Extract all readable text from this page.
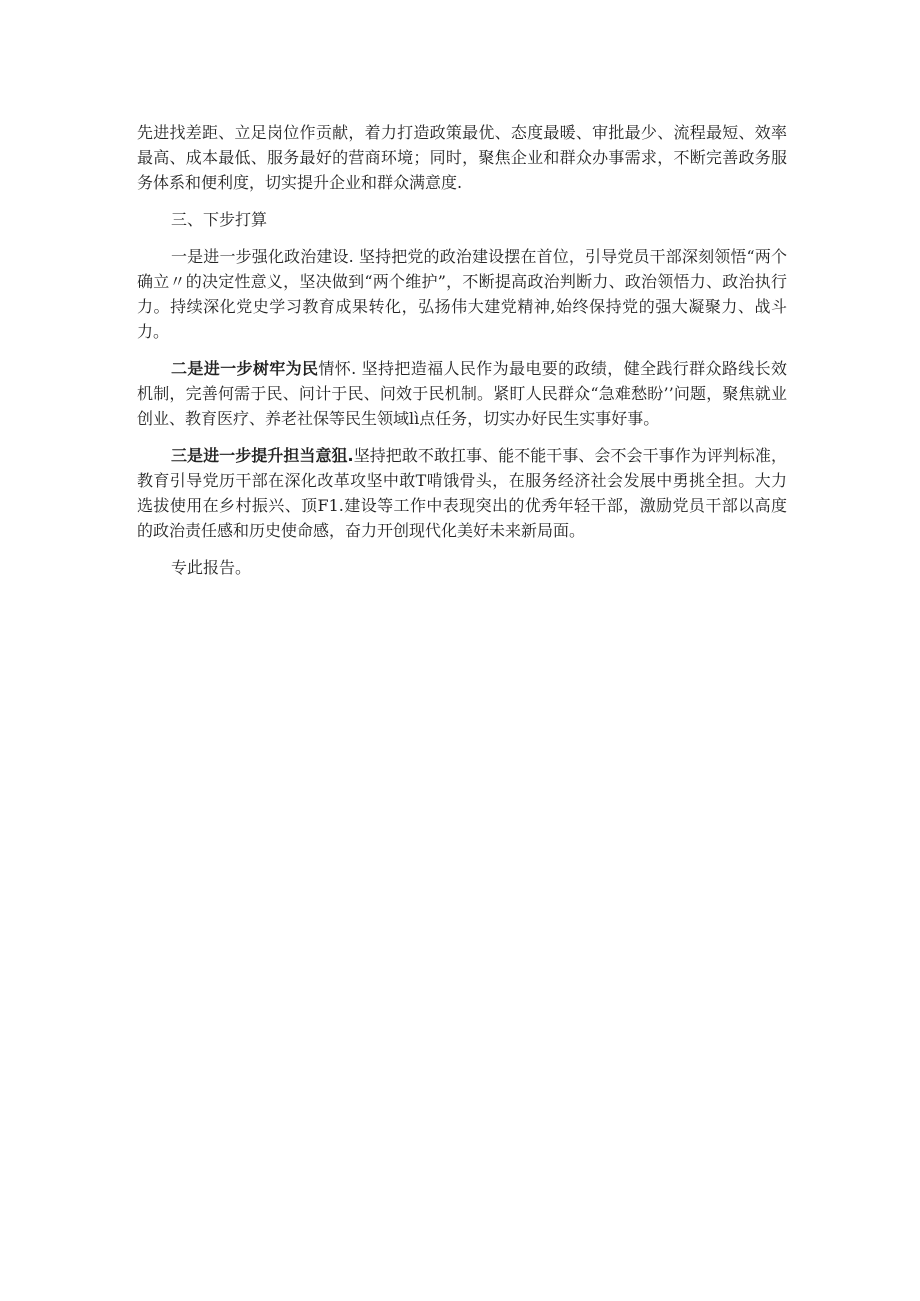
先进找差距、立足岗位作贡献，着力打造政策最优、态度最暖、审批最少、流程最短、效率最高、成本最低、服务最好的营商环境；同时，聚焦企业和群众办事需求，不断完善政务服务体系和便利度，切实提升企业和群众满意度.

三、下步打算

一是进一步强化政治建设. 坚持把党的政治建设摆在首位，引导党员干部深刻领悟“两个确立〃的决定性意义，坚决做到“两个维护”，不断提高政治判断力、政治领悟力、政治执行力。持续深化党史学习教育成果转化，弘扬伟大建党精神,始终保持党的强大凝聚力、战斗力。

二是进一步树牢为民情怀. 坚持把造福人民作为最电要的政绩，健全践行群众路线长效机制，完善何需于民、问计于民、问效于民机制。紧盯人民群众“急难愁盼’’问题，聚焦就业创业、教育医疗、养老社保等民生领域lì点任务，切实办好民生实事好事。

三是进一步提升担当意狙.坚持把敢不敢扛事、能不能干事、会不会干事作为评判标准，教育引导党历干部在深化改革攻坚中敢T啃饿骨头，在服务经济社会发展中勇挑全担。大力选拔使用在乡村振兴、顶F1.建设等工作中表现突出的优秀年轻干部，激励党员干部以高度的政治责任感和历史使命感，奋力开创现代化美好未来新局面。

专此报告。
